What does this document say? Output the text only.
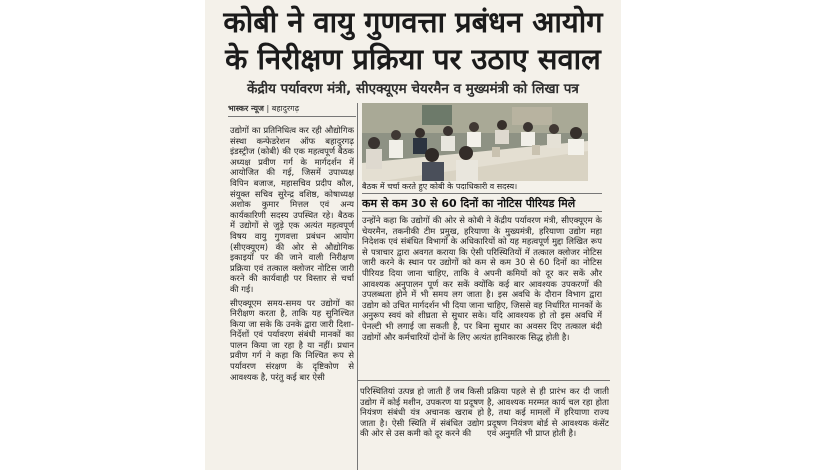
कोबी ने वायु गुणवत्ता प्रबंधन आयोग
के निरीक्षण प्रक्रिया पर उठाए सवाल
केंद्रीय पर्यावरण मंत्री, सीएक्यूएम चेयरमैन व मुख्यमंत्री को लिखा पत्र
भास्कर न्यूज | बहादुरगढ़

उद्योगों का प्रतिनिधित्व कर रही औद्योगिक संस्था कन्फेडरेशन ऑफ बहादुरगढ़ इंडस्ट्रीज (कोबी) की एक महत्वपूर्ण बैठक अध्यक्ष प्रवीण गर्ग के मार्गदर्शन में आयोजित की गई, जिसमें उपाध्यक्ष विपिन बजाज, महासचिव प्रदीप कौल, संयुक्त सचिव सुरेन्द्र वशिष्ठ, कोषाध्यक्ष अशोक कुमार मित्तल एवं अन्य कार्यकारिणी सदस्य उपस्थित रहे। बैठक में उद्योगों से जुड़े एक अत्यंत महत्वपूर्ण विषय वायु गुणवत्ता प्रबंधन आयोग (सीएक्यूएम) की ओर से औद्योगिक इकाइयों पर की जाने वाली निरीक्षण प्रक्रिया एवं तत्काल क्लोजर नोटिस जारी करने की कार्यवाही पर विस्तार से चर्चा की गई।

सीएक्यूएम समय-समय पर उद्योगों का निरीक्षण करता है, ताकि यह सुनिश्चित किया जा सके कि उनके द्वारा जारी दिशा-निर्देशों एवं पर्यावरण संबंधी मानकों का पालन किया जा रहा है या नहीं। प्रधान प्रवीण गर्ग ने कहा कि निश्चित रूप से पर्यावरण संरक्षण के दृष्टिकोण से आवश्यक है, परंतु कई बार ऐसी

बैठक में चर्चा करते हुए कोबी के पदाधिकारी व सदस्य।
कम से कम 30 से 60 दिनों का नोटिस पीरियड मिले

उन्होंने कहा कि उद्योगों की ओर से कोबी ने केंद्रीय पर्यावरण मंत्री, सीएक्यूएम के चेयरमैन, तकनीकी टीम प्रमुख, हरियाणा के मुख्यमंत्री, हरियाणा उद्योग महा निदेशक एवं संबंधित विभागों के अधिकारियों को यह महत्वपूर्ण मुद्दा लिखित रूप से पत्राचार द्वारा अवगत कराया कि ऐसी परिस्थितियों में तत्काल क्लोजर नोटिस जारी करने के स्थान पर उद्योगों को कम से कम 30 से 60 दिनों का नोटिस पीरियड दिया जाना चाहिए, ताकि वे अपनी कमियों को दूर कर सकें और आवश्यक अनुपालन पूर्ण कर सकें क्योंकि कई बार आवश्यक उपकरणों की उपलब्धता होने में भी समय लग जाता है। इस अवधि के दौरान विभाग द्वारा उद्योग को उचित मार्गदर्शन भी दिया जाना चाहिए, जिससे वह निर्धारित मानकों के अनुरूप स्वयं को शीघ्रता से सुधार सके। यदि आवश्यक हो तो इस अवधि में पेनल्टी भी लगाई जा सकती है, पर बिना सुधार का अवसर दिए तत्काल बंदी उद्योगों और कर्मचारियों दोनों के लिए अत्यंत हानिकारक सिद्ध होती है।

परिस्थितियां उत्पन्न हो जाती हैं जब किसी उद्योग में कोई मशीन, उपकरण या प्रदूषण नियंत्रण संबंधी यंत्र अचानक खराब हो जाता है। ऐसी स्थिति में संबंधित उद्योग की ओर से उस कमी को दूर करने की

प्रक्रिया पहले से ही प्रारंभ कर दी जाती है, आवश्यक मरम्मत कार्य चल रहा होता है, तथा कई मामलों में हरियाणा राज्य प्रदूषण नियंत्रण बोर्ड से आवश्यक कंसेंट एवं अनुमति भी प्राप्त होती है।
